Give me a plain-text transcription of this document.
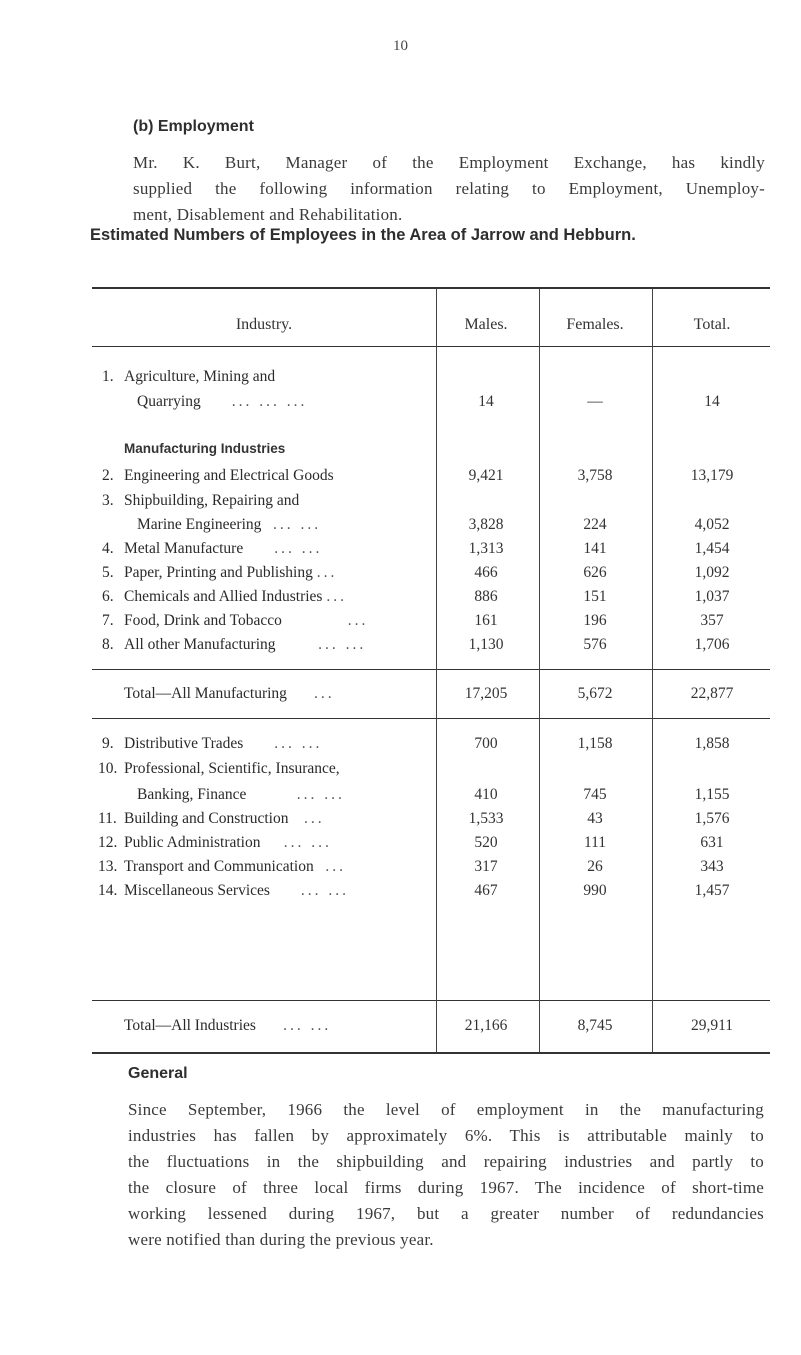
10
(b) Employment
Mr. K. Burt, Manager of the Employment Exchange, has kindly
supplied the following information relating to Employment, Unemploy-
ment, Disablement and Rehabilitation.
Estimated Numbers of Employees in the Area of Jarrow and Hebburn.
Industry.	Males.	Females.	Total.
1. Agriculture, Mining and
Quarrying ... ... ...	14	—	14
Manufacturing Industries
2. Engineering and Electrical Goods	9,421	3,758	13,179
3. Shipbuilding, Repairing and
Marine Engineering ... ...	3,828	224	4,052
4. Metal Manufacture ... ...	1,313	141	1,454
5. Paper, Printing and Publishing ...	466	626	1,092
6. Chemicals and Allied Industries ...	886	151	1,037
7. Food, Drink and Tobacco	...	161	196	357
8. All other Manufacturing	... ...	1,130	576	1,706
Total—All Manufacturing ...	17,205	5,672	22,877
9. Distributive Trades ... ...	700	1,158	1,858
10. Professional, Scientific, Insurance,
Banking, Finance	... ...	410	745	1,155
11. Building and Construction ...	1,533	43	1,576
12. Public Administration ... ...	520	111	631
13. Transport and Communication ...	317	26	343
14. Miscellaneous Services ... ...	467	990	1,457
Total—All Industries ... ...	21,166	8,745	29,911
General
Since September, 1966 the level of employment in the manufacturing
industries has fallen by approximately 6%. This is attributable mainly to
the fluctuations in the shipbuilding and repairing industries and partly to
the closure of three local firms during 1967. The incidence of short-time
working lessened during 1967, but a greater number of redundancies
were notified than during the previous year.
